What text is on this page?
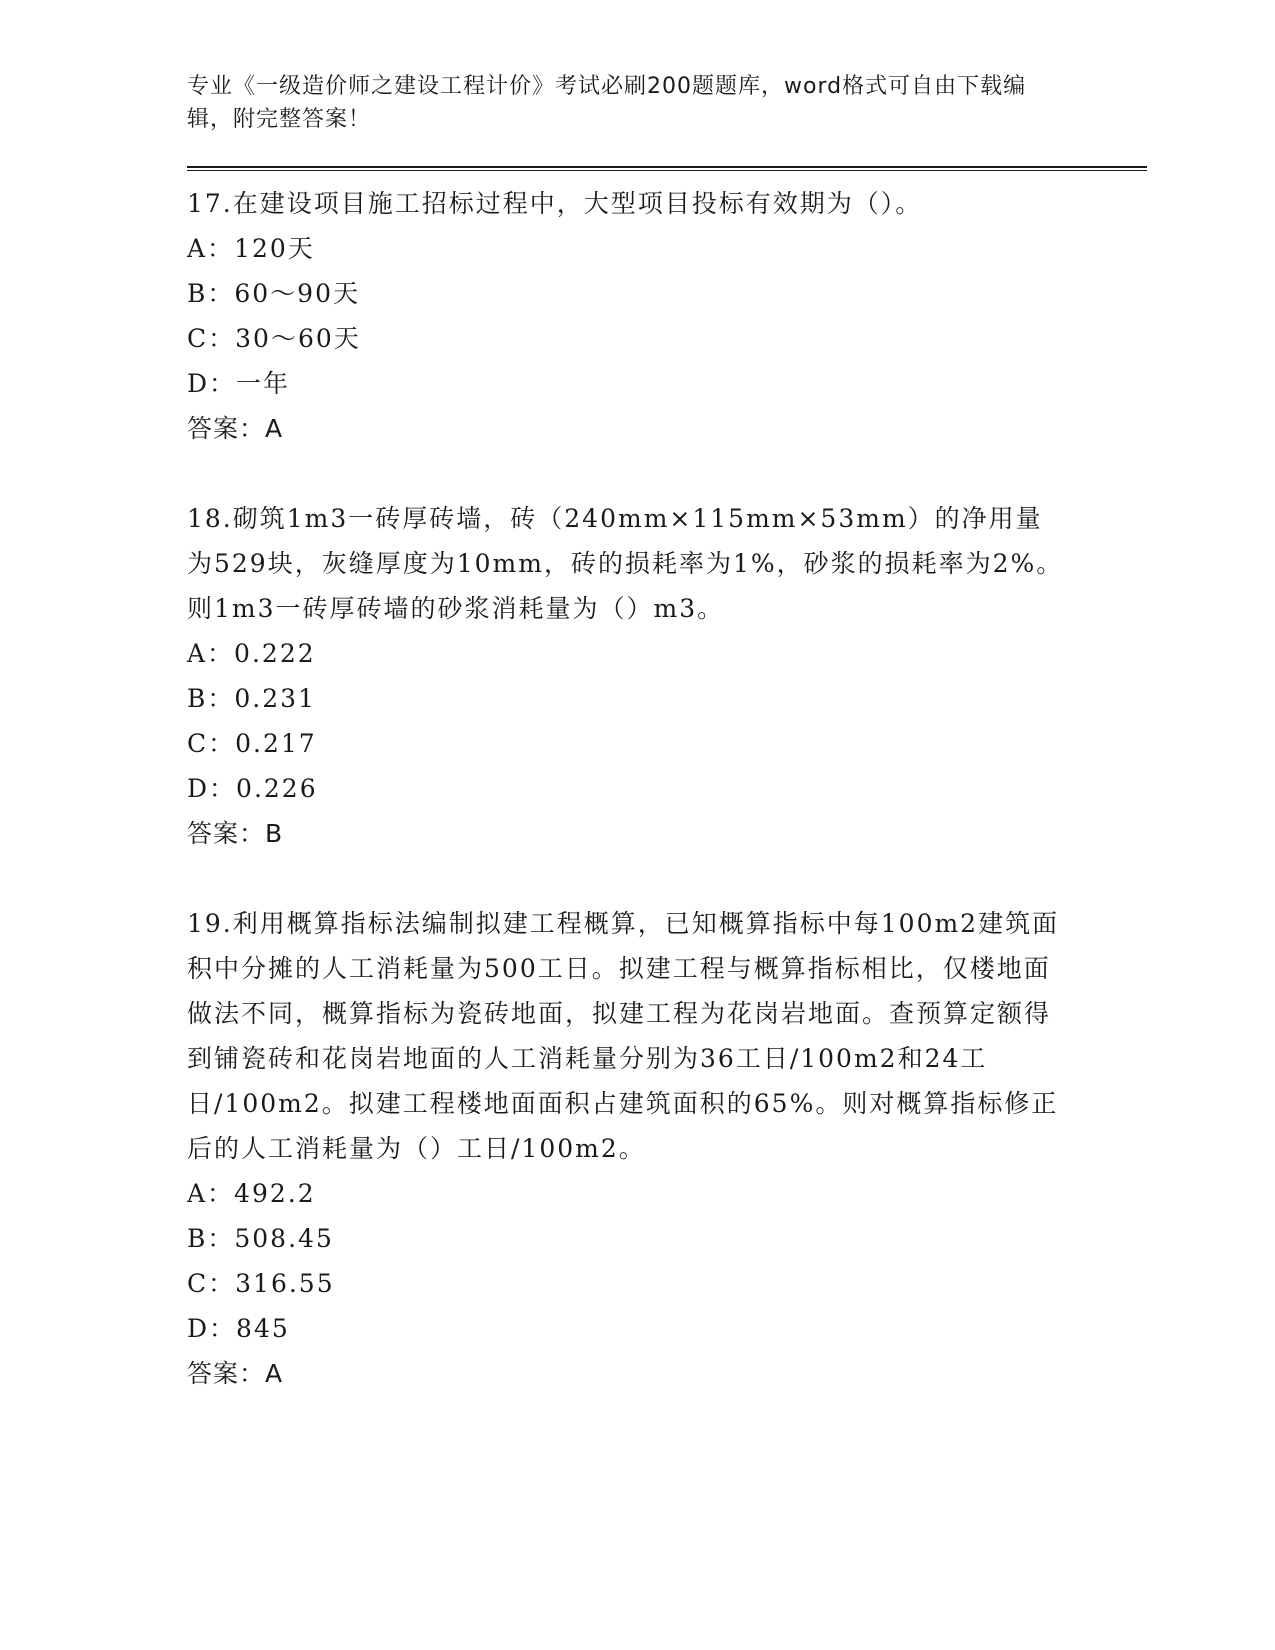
专业《一级造价师之建设工程计价》考试必刷200题题库，word格式可自由下载编辑，附完整答案！

17.在建设项目施工招标过程中，大型项目投标有效期为（）。

A：120天

B：60～90天

C：30～60天

D：一年

答案：A

18.砌筑1m3一砖厚砖墙，砖（240mm×115mm×53mm）的净用量为529块，灰缝厚度为10mm，砖的损耗率为1%，砂浆的损耗率为2%。则1m3一砖厚砖墙的砂浆消耗量为（）m3。

A：0.222

B：0.231

C：0.217

D：0.226

答案：B

19.利用概算指标法编制拟建工程概算，已知概算指标中每100m2建筑面积中分摊的人工消耗量为500工日。拟建工程与概算指标相比，仅楼地面做法不同，概算指标为瓷砖地面，拟建工程为花岗岩地面。查预算定额得到铺瓷砖和花岗岩地面的人工消耗量分别为36工日/100m2和24工日/100m2。拟建工程楼地面面积占建筑面积的65%。则对概算指标修正后的人工消耗量为（）工日/100m2。

A：492.2

B：508.45

C：316.55

D：845

答案：A
